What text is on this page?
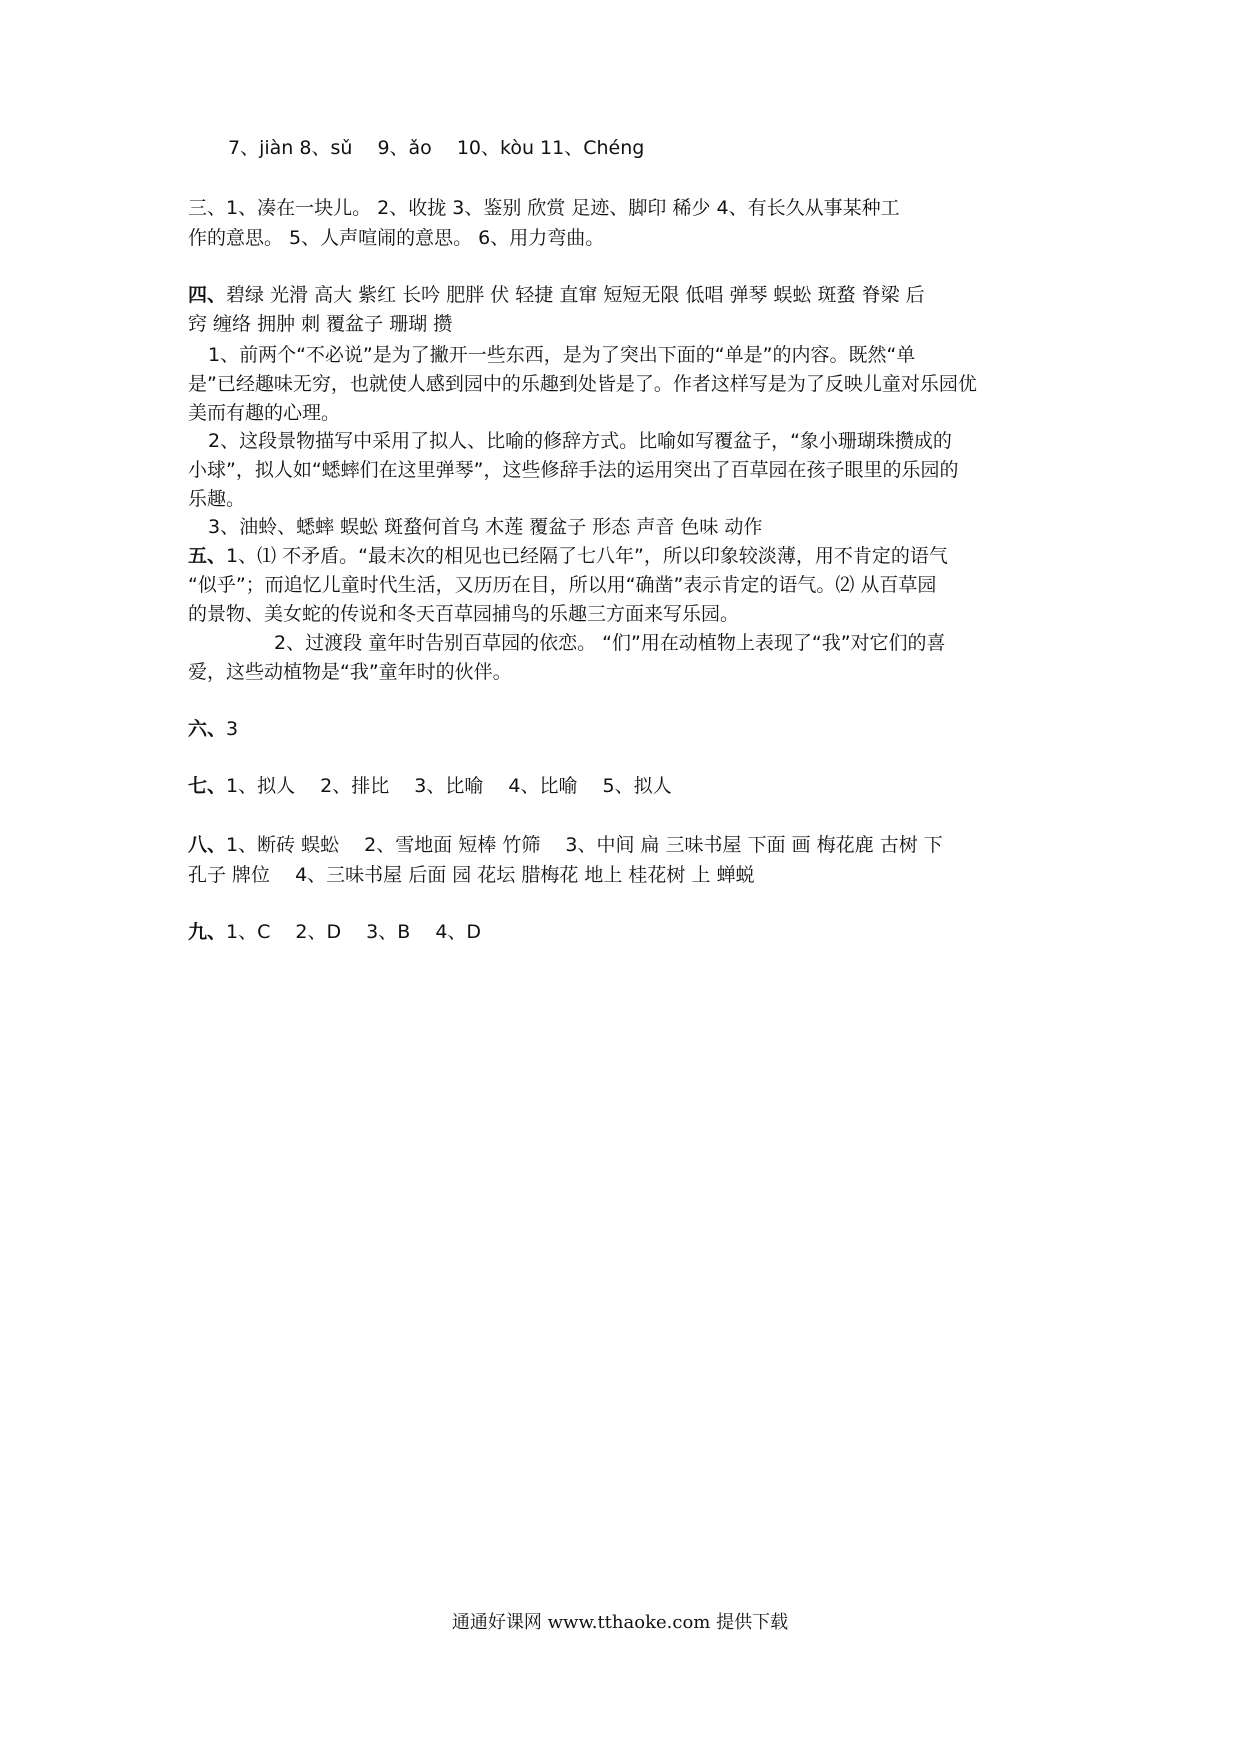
7、jiàn 8、sǔ　 9、ǎo　 10、kòu 11、Chéng
三、1、凑在一块儿。 2、收拢 3、鉴别 欣赏 足迹、脚印 稀少 4、有长久从事某种工
作的意思。 5、人声喧闹的意思。 6、用力弯曲。
四、碧绿 光滑 高大 紫红 长吟 肥胖 伏 轻捷 直窜 短短无限 低唱 弹琴 蜈蚣 斑蝥 脊梁 后
窍 缠络 拥肿 刺 覆盆子 珊瑚 攒
1、前两个“不必说”是为了撇开一些东西，是为了突出下面的“单是”的内容。既然“单
是”已经趣味无穷，也就使人感到园中的乐趣到处皆是了。作者这样写是为了反映儿童对乐园优
美而有趣的心理。
2、这段景物描写中采用了拟人、比喻的修辞方式。比喻如写覆盆子，“象小珊瑚珠攒成的
小球”，拟人如“蟋蟀们在这里弹琴”，这些修辞手法的运用突出了百草园在孩子眼里的乐园的
乐趣。
3、油蛉、蟋蟀 蜈蚣 斑蝥何首乌 木莲 覆盆子 形态 声音 色味 动作
五、1、⑴ 不矛盾。“最末次的相见也已经隔了七八年”，所以印象较淡薄，用不肯定的语气
“似乎”；而追忆儿童时代生活，又历历在目，所以用“确凿”表示肯定的语气。⑵ 从百草园
的景物、美女蛇的传说和冬天百草园捕鸟的乐趣三方面来写乐园。
2、过渡段 童年时告别百草园的依恋。 “们”用在动植物上表现了“我”对它们的喜
爱，这些动植物是“我”童年时的伙伴。
六、3
七、1、拟人　 2、排比　 3、比喻　 4、比喻　 5、拟人
八、1、断砖 蜈蚣　 2、雪地面 短棒 竹筛　 3、中间 扁 三味书屋 下面 画 梅花鹿 古树 下
孔子 牌位　 4、三味书屋 后面 园 花坛 腊梅花 地上 桂花树 上 蝉蜕
九、1、C　 2、D　 3、B　 4、D
通通好课网 www.tthaoke.com 提供下载
